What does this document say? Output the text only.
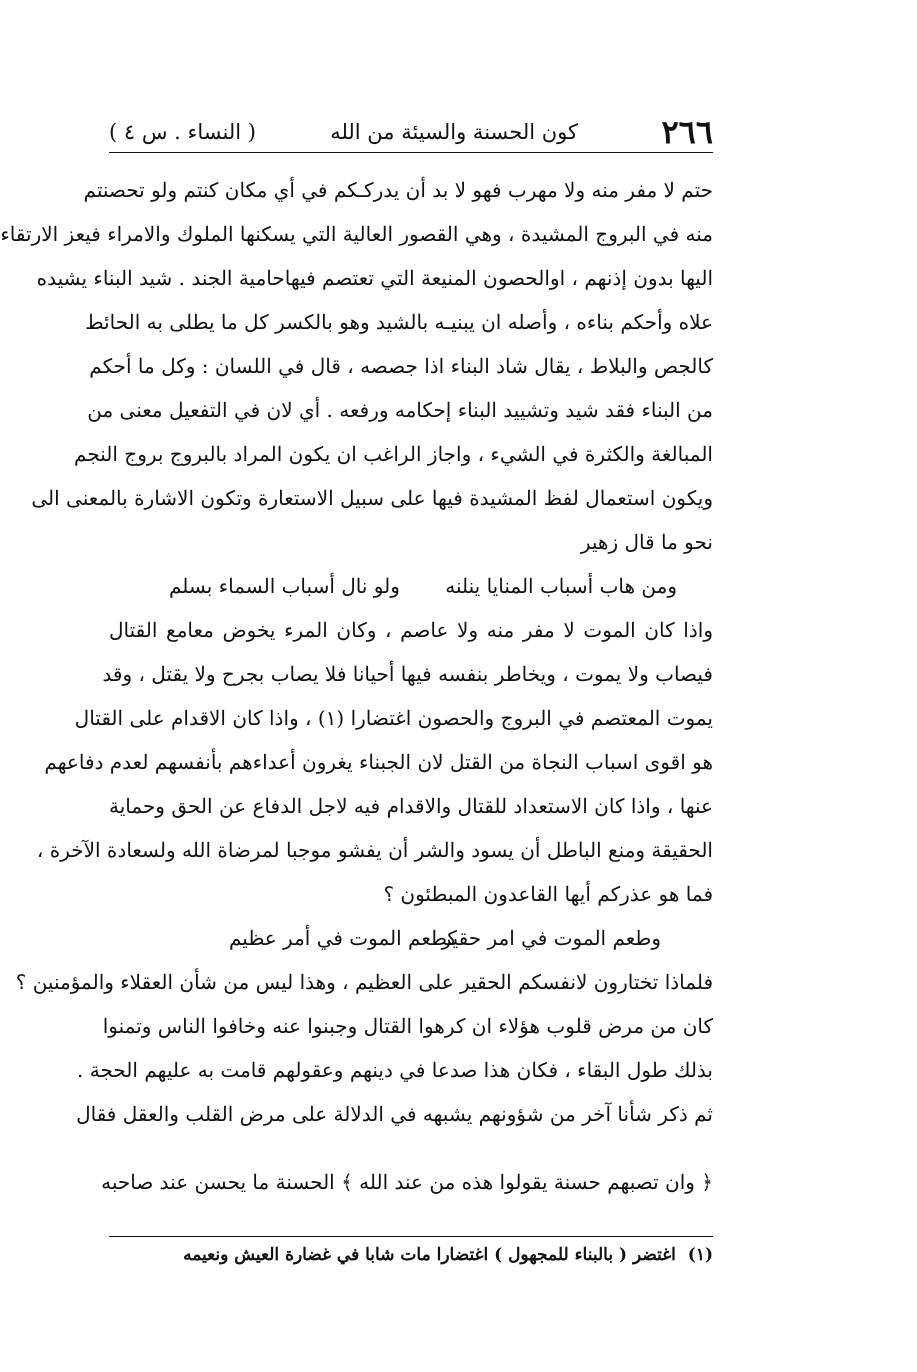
٢٦٦
كون الحسنة والسيئة من الله
( النساء . س ٤ )
حتم لا مفر منه ولا مهرب فهو لا بد أن يدركـكم في أي مكان كنتم ولو تحصنتم
منه في البروج المشيدة ، وهي القصور العالية التي يسكنها الملوك والامراء فيعز الارتقاء
اليها بدون إذنهم ، اوالحصون المنيعة التي تعتصم فيهاحامية الجند . شيد البناء يشيده
علاه وأحكم بناءه ، وأصله ان يبنيـه بالشيد وهو بالكسر كل ما يطلى به الحائط
كالجص والبلاط ، يقال شاد البناء اذا جصصه ، قال في اللسان : وكل ما أحكم
من البناء فقد شيد وتشييد البناء إحكامه ورفعه . أي لان في التفعيل معنى من
المبالغة والكثرة في الشيء ، واجاز الراغب ان يكون المراد بالبروج بروج النجم
ويكون استعمال لفظ المشيدة فيها على سبيل الاستعارة وتكون الاشارة بالمعنى الى
نحو ما قال زهير
ومن هاب أسباب المنايا ينلنه
ولو نال أسباب السماء بسلم
واذا كان الموت لا مفر منه ولا عاصم ، وكان المرء يخوض معامع القتال
فيصاب ولا يموت ، ويخاطر بنفسه فيها أحيانا فلا يصاب بجرح ولا يقتل ، وقد
يموت المعتصم في البروج والحصون اغتضارا (١) ، واذا كان الاقدام على القتال
هو اقوى اسباب النجاة من القتل لان الجبناء يغرون أعداءهم بأنفسهم لعدم دفاعهم
عنها ، واذا كان الاستعداد للقتال والاقدام فيه لاجل الدفاع عن الحق وحماية
الحقيقة ومنع الباطل أن يسود والشر أن يفشو موجبا لمرضاة الله ولسعادة الآخرة ،
فما هو عذركم أيها القاعدون المبطئون ؟
وطعم الموت في امر حقير
كطعم الموت في أمر عظيم
فلماذا تختارون لانفسكم الحقير على العظيم ، وهذا ليس من شأن العقلاء والمؤمنين ؟
كان من مرض قلوب هؤلاء ان كرهوا القتال وجبنوا عنه وخافوا الناس وتمنوا
بذلك طول البقاء ، فكان هذا صدعا في دينهم وعقولهم قامت به عليهم الحجة .
ثم ذكر شأنا آخر من شؤونهم يشبهه في الدلالة على مرض القلب والعقل فقال
﴿ وان تصبهم حسنة يقولوا هذه من عند الله ﴾ الحسنة ما يحسن عند صاحبه
(١) اغتضر ( بالبناء للمجهول ) اغتضارا مات شابا في غضارة العيش ونعيمه
